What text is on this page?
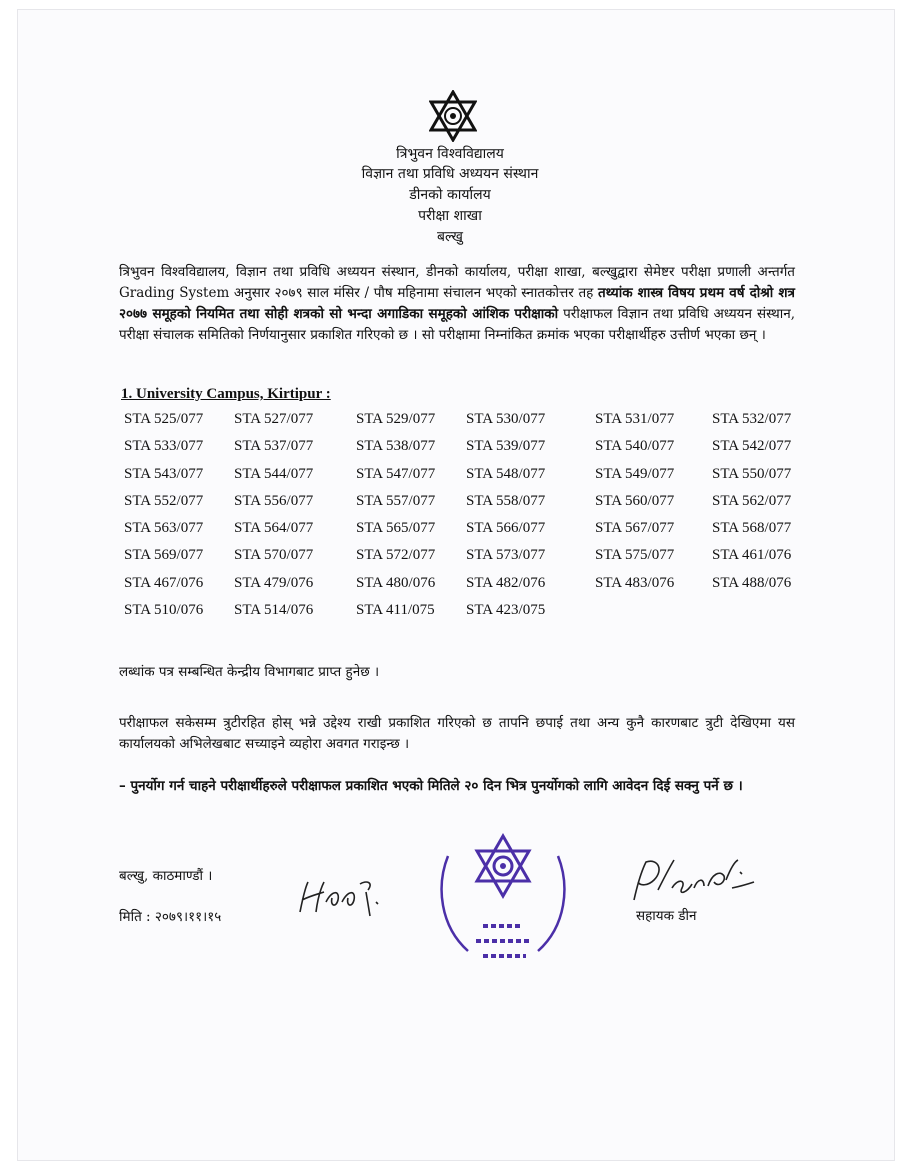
त्रिभुवन विश्वविद्यालय
विज्ञान तथा प्रविधि अध्ययन संस्थान
डीनको कार्यालय
परीक्षा शाखा
बल्खु
त्रिभुवन विश्वविद्यालय, विज्ञान तथा प्रविधि अध्ययन संस्थान, डीनको कार्यालय, परीक्षा शाखा, बल्खुद्वारा सेमेष्टर परीक्षा प्रणाली अन्तर्गत Grading System अनुसार २०७९ साल मंसिर / पौष महिनामा संचालन भएको स्नातकोत्तर तह तथ्यांक शास्त्र विषय प्रथम वर्ष दोश्रो शत्र २०७७ समूहको नियमित तथा सोही शत्रको सो भन्दा अगाडिका समूहको आंशिक परीक्षाको परीक्षाफल विज्ञान तथा प्रविधि अध्ययन संस्थान, परीक्षा संचालक समितिको निर्णयानुसार प्रकाशित गरिएको छ । सो परीक्षामा निम्नांकित क्रमांक भएका परीक्षार्थीहरु उत्तीर्ण भएका छन् ।
1. University Campus, Kirtipur :
STA 525/077 STA 527/077	STA 529/077 STA 530/077	STA 531/077	STA 532/077
STA 533/077 STA 537/077	STA 538/077 STA 539/077	STA 540/077	STA 542/077
STA 543/077 STA 544/077	STA 547/077 STA 548/077	STA 549/077	STA 550/077
STA 552/077 STA 556/077	STA 557/077 STA 558/077	STA 560/077	STA 562/077
STA 563/077 STA 564/077	STA 565/077 STA 566/077	STA 567/077	STA 568/077
STA 569/077 STA 570/077	STA 572/077 STA 573/077	STA 575/077	STA 461/076
STA 467/076 STA 479/076	STA 480/076 STA 482/076	STA 483/076	STA 488/076
STA 510/076 STA 514/076	STA 411/075 STA 423/075
लब्धांक पत्र सम्बन्धित केन्द्रीय विभागबाट प्राप्त हुनेछ ।
परीक्षाफल सकेसम्म त्रुटीरहित होस् भन्ने उद्देश्य राखी प्रकाशित गरिएको छ तापनि छपाई तथा अन्य कुनै कारणबाट त्रुटी देखिएमा यस कार्यालयको अभिलेखबाट सच्याइने व्यहोरा अवगत गराइन्छ ।
– पुनर्योग गर्न चाहने परीक्षार्थीहरुले परीक्षाफल प्रकाशित भएको मितिले २० दिन भित्र पुनर्योगको लागि आवेदन दिई सक्नु पर्ने छ ।
बल्खु, काठमाण्डौं ।
मिति : २०७९।११।१५	सहायक डीन
